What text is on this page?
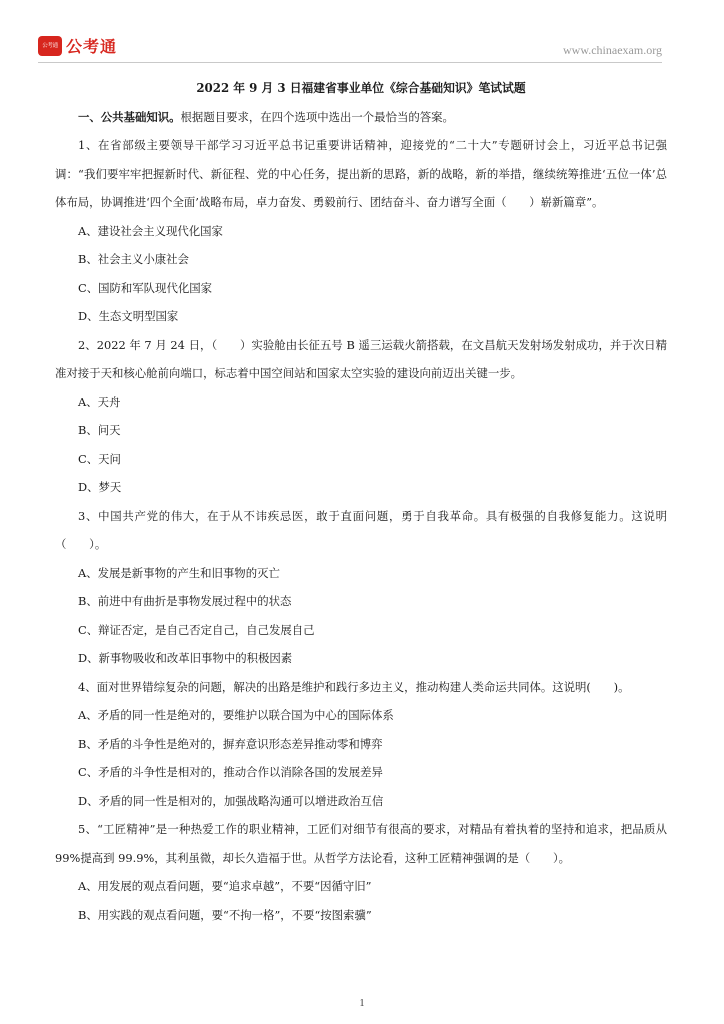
公考通 公考通	www.chinaexam.org

2022 年 9 月 3 日福建省事业单位《综合基础知识》笔试试题

一、公共基础知识。根据题目要求，在四个选项中选出一个最恰当的答案。

1、在省部级主要领导干部学习习近平总书记重要讲话精神，迎接党的“二十大”专题研讨会上，习近平总书记强调：“我们要牢牢把握新时代、新征程、党的中心任务，提出新的思路，新的战略，新的举措，继续统筹推进‘五位一体’总体布局，协调推进‘四个全面’战略布局，卓力奋发、勇毅前行、团结奋斗、奋力谱写全面（　　）崭新篇章”。

A、建设社会主义现代化国家

B、社会主义小康社会

C、国防和军队现代化国家

D、生态文明型国家

2、2022 年 7 月 24 日，（　　）实验舱由长征五号 B 遥三运载火箭搭载，在文昌航天发射场发射成功，并于次日精准对接于天和核心舱前向端口，标志着中国空间站和国家太空实验的建设向前迈出关键一步。

A、天舟

B、问天

C、天问

D、梦天

3、中国共产党的伟大，在于从不讳疾忌医，敢于直面问题，勇于自我革命。具有极强的自我修复能力。这说明（　　）。

A、发展是新事物的产生和旧事物的灭亡

B、前进中有曲折是事物发展过程中的状态

C、辩证否定，是自己否定自己，自己发展自己

D、新事物吸收和改革旧事物中的积极因素

4、面对世界错综复杂的问题，解决的出路是维护和践行多边主义，推动构建人类命运共同体。这说明(　　)。

A、矛盾的同一性是绝对的，要维护以联合国为中心的国际体系

B、矛盾的斗争性是绝对的，摒弃意识形态差异推动零和博弈

C、矛盾的斗争性是相对的，推动合作以消除各国的发展差异

D、矛盾的同一性是相对的，加强战略沟通可以增进政治互信

5、“工匠精神”是一种热爱工作的职业精神，工匠们对细节有很高的要求，对精品有着执着的坚持和追求，把品质从 99%提高到 99.9%，其利虽微，却长久造福于世。从哲学方法论看，这种工匠精神强调的是（　　）。

A、用发展的观点看问题，要“追求卓越”，不要“因循守旧”

B、用实践的观点看问题，要“不拘一格”，不要“按图索骥”

1
